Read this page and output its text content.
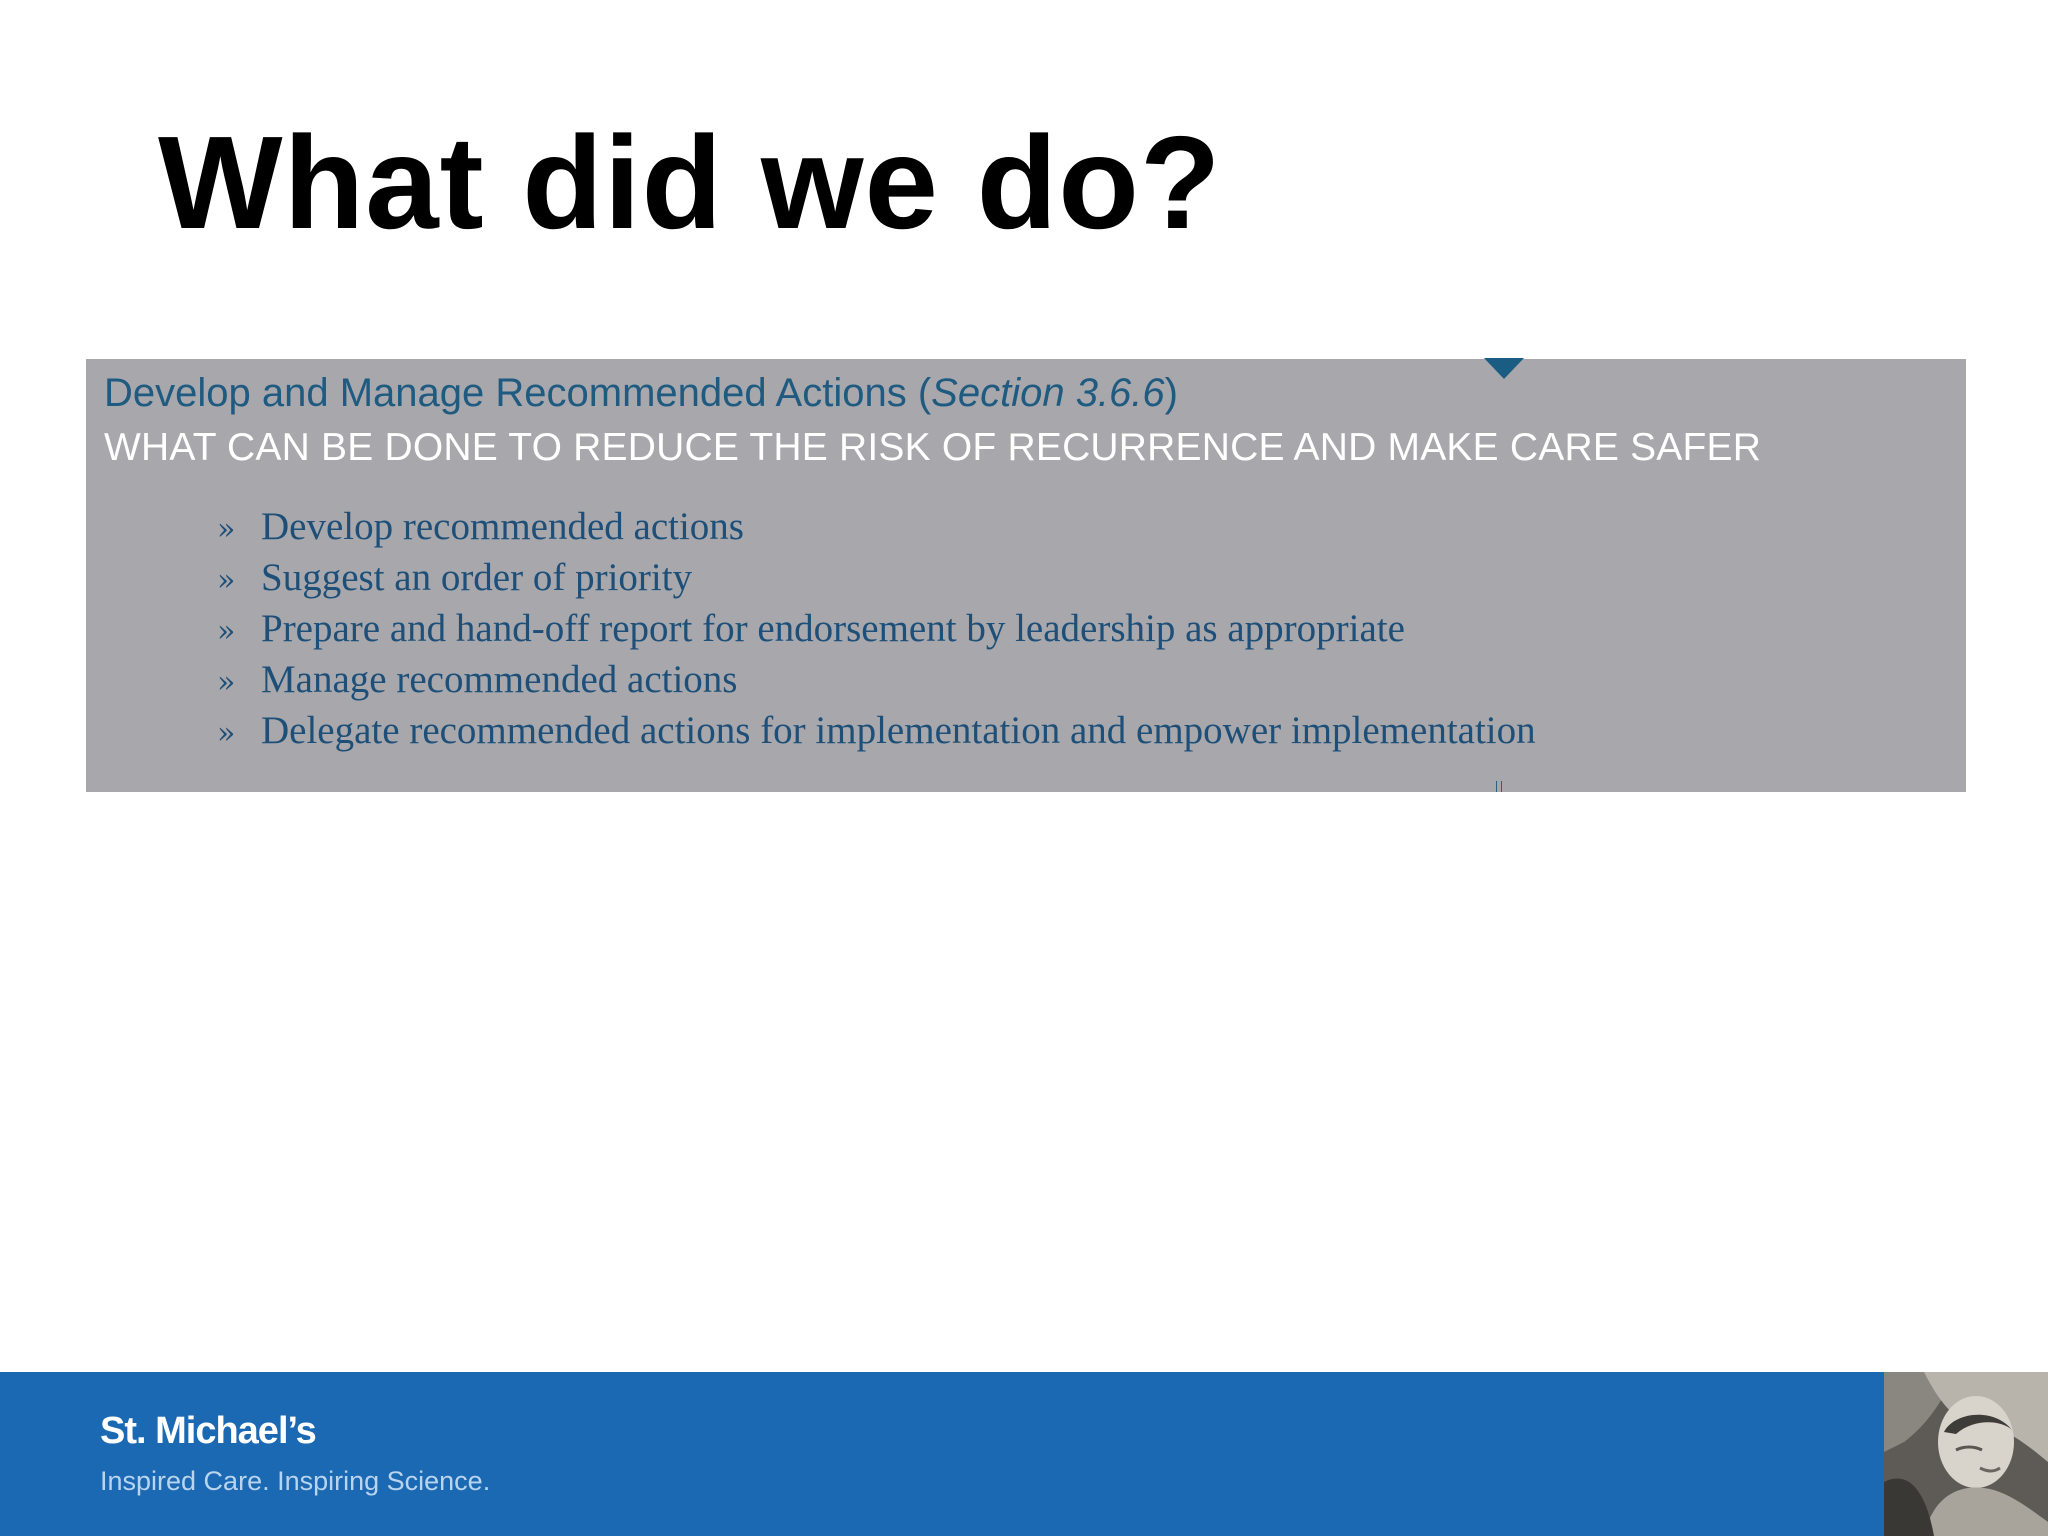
What did we do?

Develop and Manage Recommended Actions (Section 3.6.6)

WHAT CAN BE DONE TO REDUCE THE RISK OF RECURRENCE AND MAKE CARE SAFER

» Develop recommended actions
» Suggest an order of priority
» Prepare and hand-off report for endorsement by leadership as appropriate
» Manage recommended actions
» Delegate recommended actions for implementation and empower implementation

St. Michael’s

Inspired Care. Inspiring Science.
